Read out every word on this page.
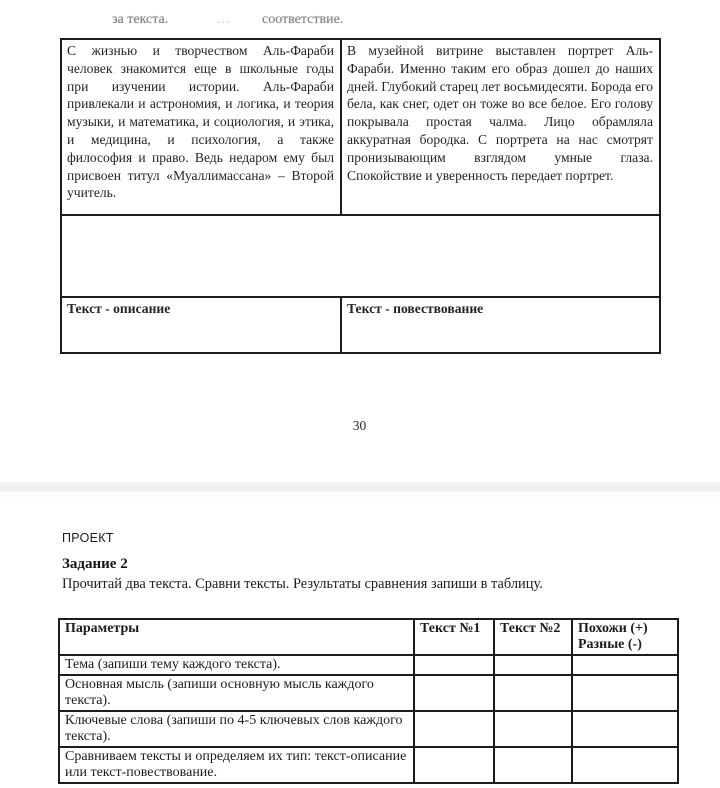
за текста.	… соответствие.
С жизнью и творчеством Аль-Фараби человек знакомится еще в школьные годы при изучении истории. Аль-Фараби привлекали и астрономия, и логика, и теория музыки, и математика, и социология, и этика, и медицина, и психология, а также философия и право. Ведь недаром ему был присвоен титул «Муаллимассана» – Второй учитель.	В музейной витрине выставлен портрет Аль-Фараби. Именно таким его образ дошел до наших дней. Глубокий старец лет восьмидесяти. Борода его бела, как снег, одет он тоже во все белое. Его голову покрывала простая чалма. Лицо обрамляла аккуратная бородка. С портрета на нас смотрят пронизывающим взглядом умные глаза. Спокойствие и уверенность передает портрет.

Текст - описание	Текст - повествование
30
ПРОЕКТ
Задание 2
Прочитай два текста. Сравни тексты. Результаты сравнения запиши в таблицу.
Параметры	Текст №1	Текст №2	Похожи (+)
Разные (-)

Тема (запиши тему каждого текста).			
Основная мысль (запиши основную мысль каждого текста).			
Ключевые слова (запиши по 4-5 ключевых слов каждого текста).			
Сравниваем тексты и определяем их тип: текст-описание или текст-повествование.			
